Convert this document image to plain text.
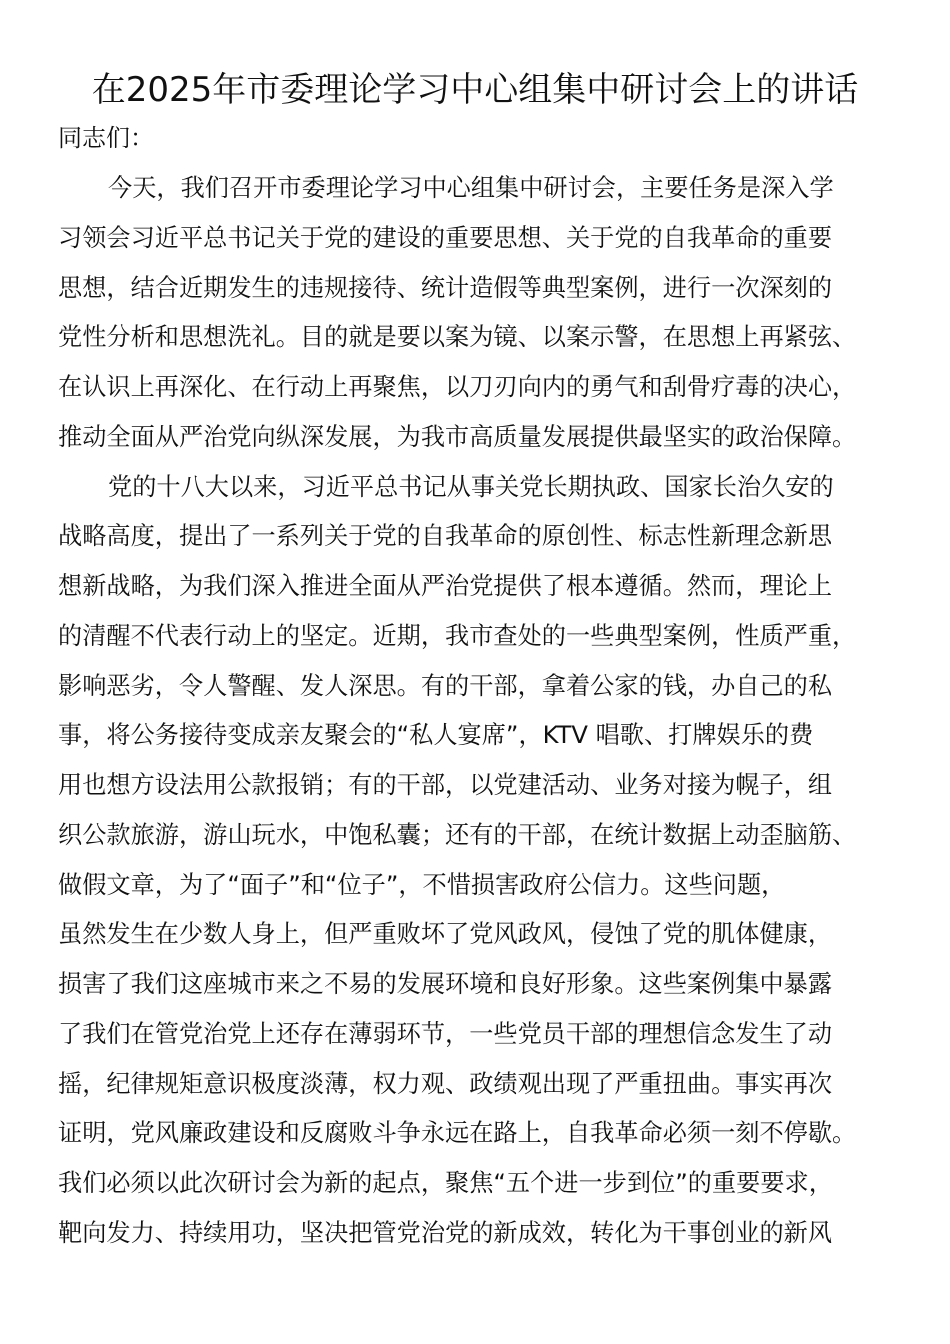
在2025年市委理论学习中心组集中研讨会上的讲话

同志们：

今天，我们召开市委理论学习中心组集中研讨会，主要任务是深入学
习领会习近平总书记关于党的建设的重要思想、关于党的自我革命的重要
思想，结合近期发生的违规接待、统计造假等典型案例，进行一次深刻的
党性分析和思想洗礼。目的就是要以案为镜、以案示警，在思想上再紧弦、
在认识上再深化、在行动上再聚焦，以刀刃向内的勇气和刮骨疗毒的决心，
推动全面从严治党向纵深发展，为我市高质量发展提供最坚实的政治保障。
党的十八大以来，习近平总书记从事关党长期执政、国家长治久安的
战略高度，提出了一系列关于党的自我革命的原创性、标志性新理念新思
想新战略，为我们深入推进全面从严治党提供了根本遵循。然而，理论上
的清醒不代表行动上的坚定。近期，我市查处的一些典型案例，性质严重，
影响恶劣，令人警醒、发人深思。有的干部，拿着公家的钱，办自己的私
事，将公务接待变成亲友聚会的“私人宴席”，KTV 唱歌、打牌娱乐的费
用也想方设法用公款报销；有的干部，以党建活动、业务对接为幌子，组
织公款旅游，游山玩水，中饱私囊；还有的干部，在统计数据上动歪脑筋、
做假文章，为了“面子”和“位子”，不惜损害政府公信力。这些问题，
虽然发生在少数人身上，但严重败坏了党风政风，侵蚀了党的肌体健康，
损害了我们这座城市来之不易的发展环境和良好形象。这些案例集中暴露
了我们在管党治党上还存在薄弱环节，一些党员干部的理想信念发生了动
摇，纪律规矩意识极度淡薄，权力观、政绩观出现了严重扭曲。事实再次
证明，党风廉政建设和反腐败斗争永远在路上，自我革命必须一刻不停歇。
我们必须以此次研讨会为新的起点，聚焦“五个进一步到位”的重要要求，
靶向发力、持续用功，坚决把管党治党的新成效，转化为干事创业的新风
